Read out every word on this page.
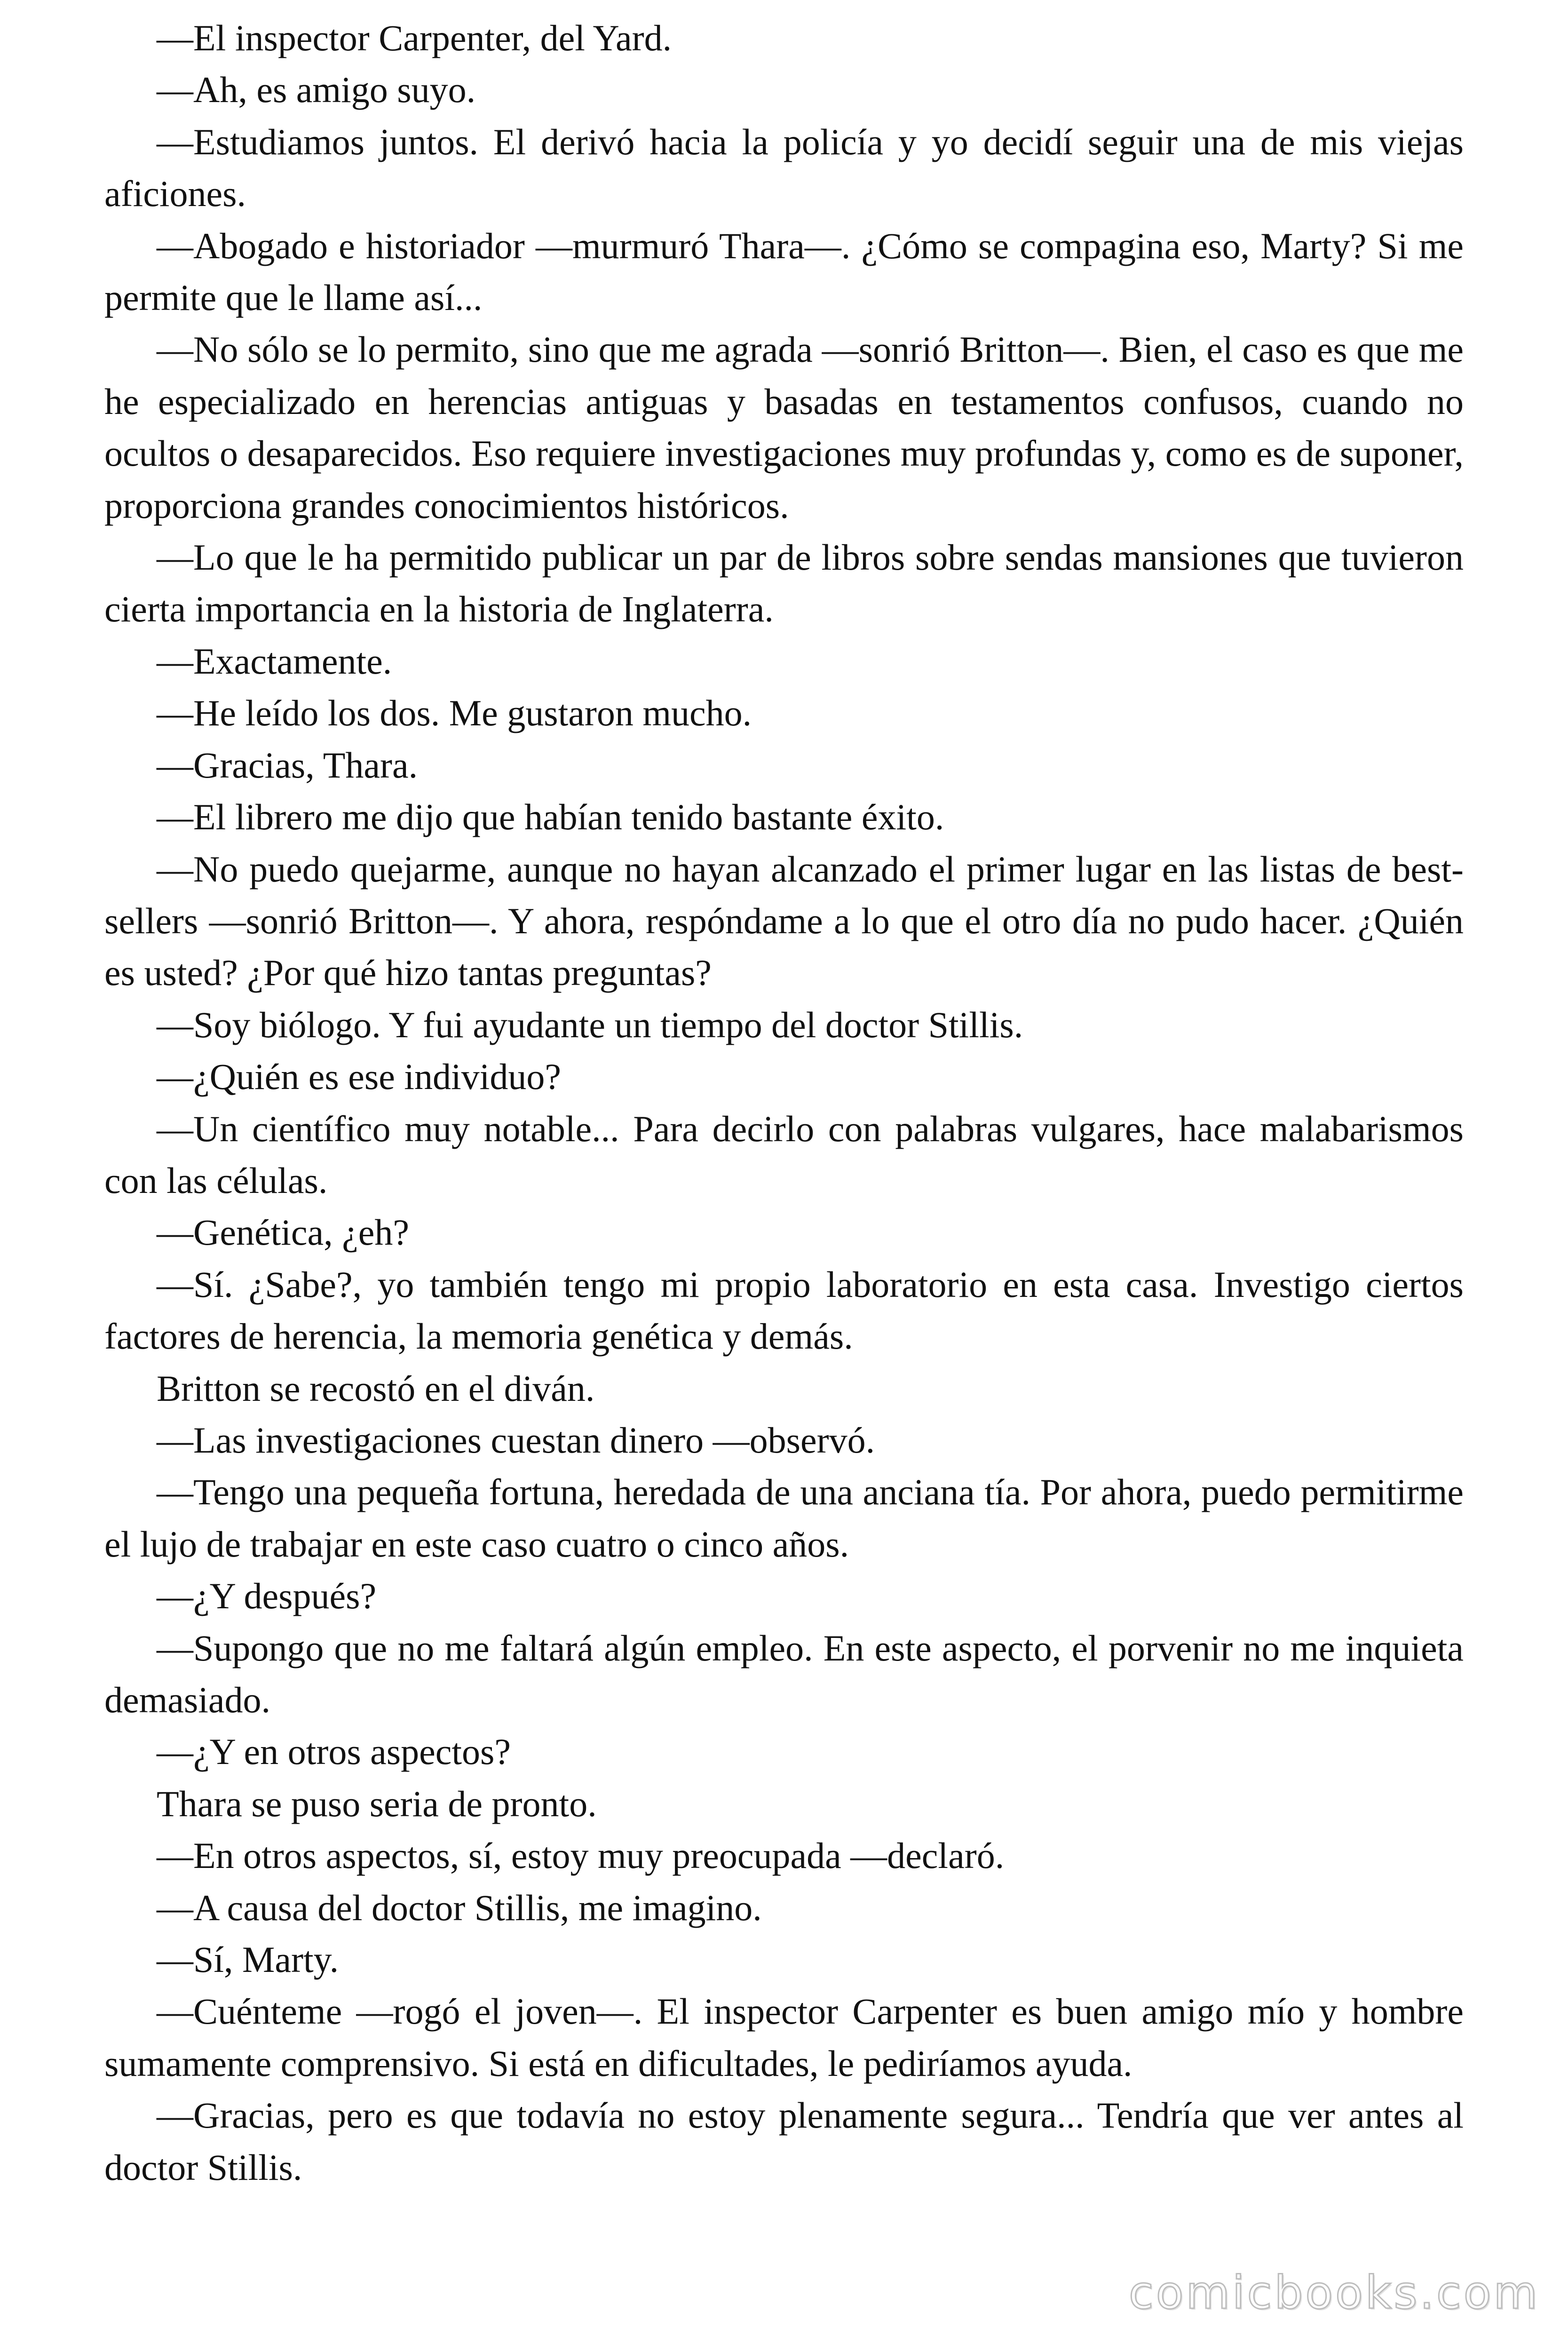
—El inspector Carpenter, del Yard.

—Ah, es amigo suyo.

—Estudiamos juntos. El derivó hacia la policía y yo decidí seguir una de mis viejas aficiones.

—Abogado e historiador —murmuró Thara—. ¿Cómo se compagina eso, Marty? Si me permite que le llame así...

—No sólo se lo permito, sino que me agrada —sonrió Britton—. Bien, el caso es que me he especializado en herencias antiguas y basadas en testamentos confusos, cuando no ocultos o desaparecidos. Eso requiere investigaciones muy profundas y, como es de suponer, proporciona grandes conocimientos históricos.

—Lo que le ha permitido publicar un par de libros sobre sendas mansiones que tuvieron cierta importancia en la historia de Inglaterra.

—Exactamente.

—He leído los dos. Me gustaron mucho.

—Gracias, Thara.

—El librero me dijo que habían tenido bastante éxito.

—No puedo quejarme, aunque no hayan alcanzado el primer lugar en las listas de best-sellers —sonrió Britton—. Y ahora, respóndame a lo que el otro día no pudo hacer. ¿Quién es usted? ¿Por qué hizo tantas preguntas?

—Soy biólogo. Y fui ayudante un tiempo del doctor Stillis.

—¿Quién es ese individuo?

—Un científico muy notable... Para decirlo con palabras vulgares, hace malabarismos con las células.

—Genética, ¿eh?

—Sí. ¿Sabe?, yo también tengo mi propio laboratorio en esta casa. Investigo ciertos factores de herencia, la memoria genética y demás.

Britton se recostó en el diván.

—Las investigaciones cuestan dinero —observó.

—Tengo una pequeña fortuna, heredada de una anciana tía. Por ahora, puedo permitirme el lujo de trabajar en este caso cuatro o cinco años.

—¿Y después?

—Supongo que no me faltará algún empleo. En este aspecto, el porvenir no me inquieta demasiado.

—¿Y en otros aspectos?

Thara se puso seria de pronto.

—En otros aspectos, sí, estoy muy preocupada —declaró.

—A causa del doctor Stillis, me imagino.

—Sí, Marty.

—Cuénteme —rogó el joven—. El inspector Carpenter es buen amigo mío y hombre sumamente comprensivo. Si está en dificultades, le pediríamos ayuda.

—Gracias, pero es que todavía no estoy plenamente segura... Tendría que ver antes al doctor Stillis.

comicbooks.com
